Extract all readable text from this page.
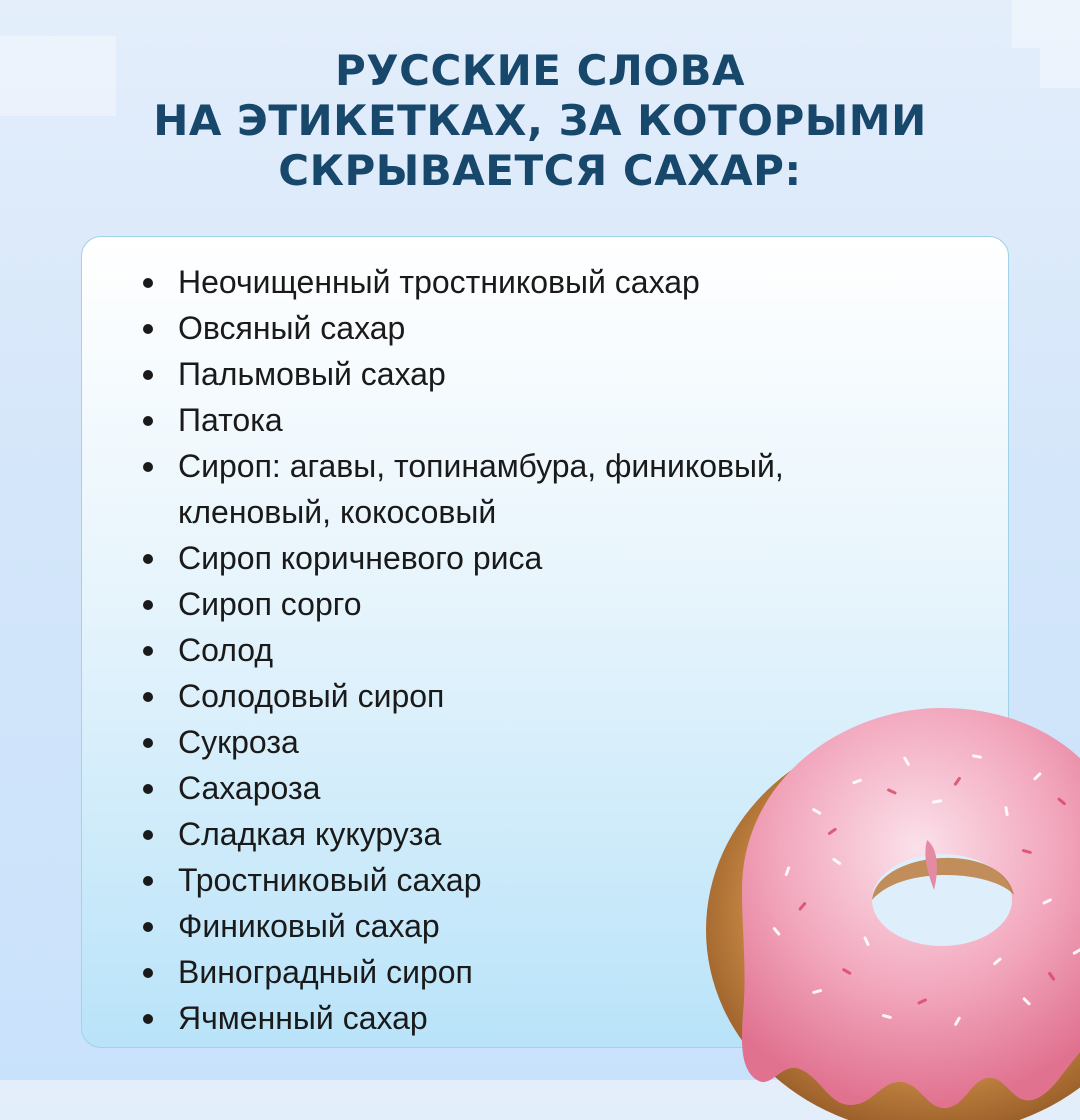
РУССКИЕ СЛОВА
НА ЭТИКЕТКАХ, ЗА КОТОРЫМИ
СКРЫВАЕТСЯ САХАР:
Неочищенный тростниковый сахар
Овсяный сахар
Пальмовый сахар
Патока
Сироп: агавы, топинамбура, финиковый, кленовый, кокосовый
Сироп коричневого риса
Сироп сорго
Солод
Солодовый сироп
Сукроза
Сахароза
Сладкая кукуруза
Тростниковый сахар
Финиковый сахар
Виноградный сироп
Ячменный сахар
